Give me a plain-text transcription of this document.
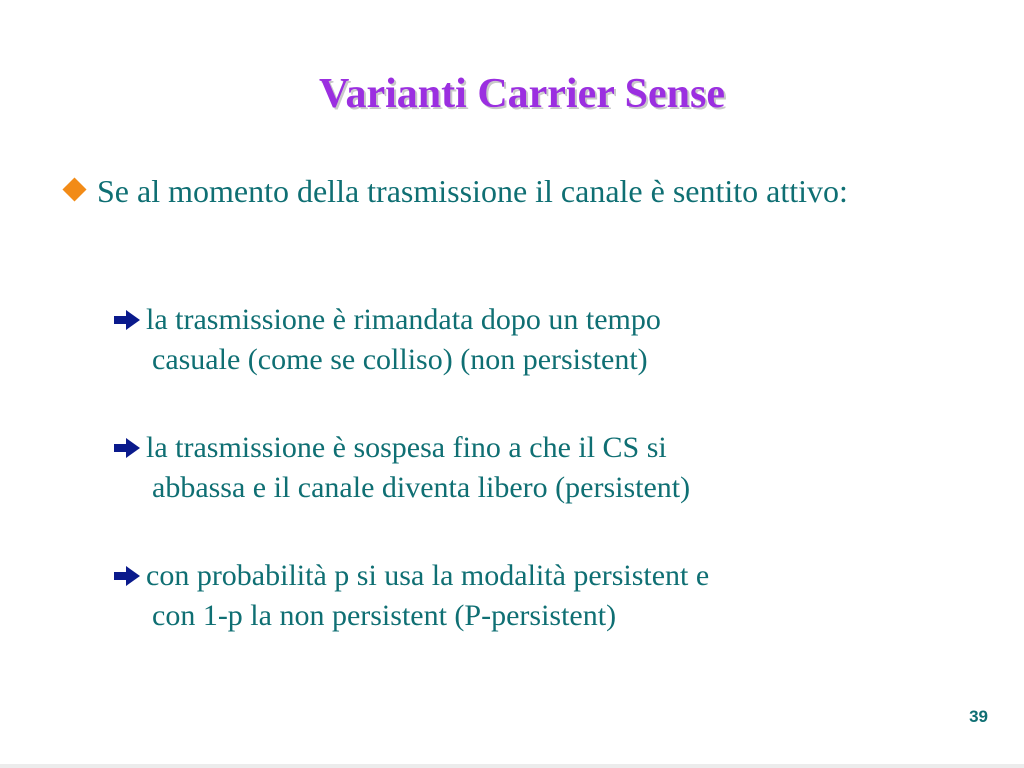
Varianti Carrier Sense
Se al momento della trasmissione il canale è sentito attivo:
la trasmissione è rimandata dopo un tempo
casuale (come se colliso) (non persistent)
la trasmissione è sospesa fino a che il CS si
abbassa e il canale diventa libero (persistent)
con probabilità p si usa la modalità persistent e
con 1-p la non persistent (P-persistent)
39
